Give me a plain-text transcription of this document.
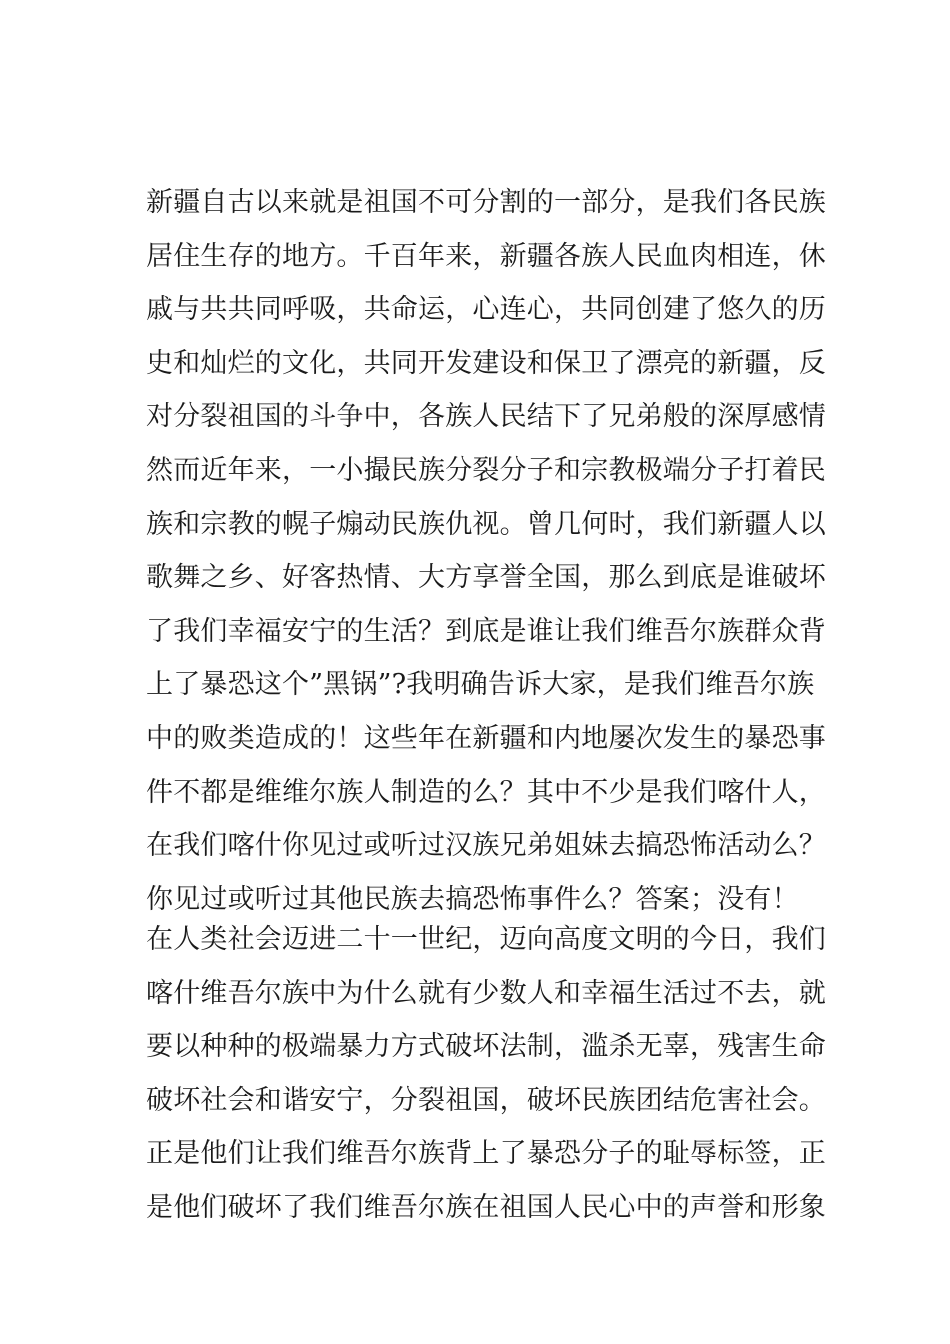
新疆自古以来就是祖国不可分割的一部分，是我们各民族
居住生存的地方。千百年来，新疆各族人民血肉相连，休
戚与共共同呼吸，共命运，心连心，共同创建了悠久的历
史和灿烂的文化，共同开发建设和保卫了漂亮的新疆，反
对分裂祖国的斗争中，各族人民结下了兄弟般的深厚感情
然而近年来，一小撮民族分裂分子和宗教极端分子打着民
族和宗教的幌子煽动民族仇视。曾几何时，我们新疆人以
歌舞之乡、好客热情、大方享誉全国，那么到底是谁破坏
了我们幸福安宁的生活？到底是谁让我们维吾尔族群众背
上了暴恐这个”黑锅”?我明确告诉大家，是我们维吾尔族
中的败类造成的！这些年在新疆和内地屡次发生的暴恐事
件不都是维维尔族人制造的么？其中不少是我们喀什人，
在我们喀什你见过或听过汉族兄弟姐妹去搞恐怖活动么？
你见过或听过其他民族去搞恐怖事件么？答案；没有！
在人类社会迈进二十一世纪，迈向高度文明的今日，我们
喀什维吾尔族中为什么就有少数人和幸福生活过不去，就
要以种种的极端暴力方式破坏法制，滥杀无辜，残害生命
破坏社会和谐安宁，分裂祖国，破坏民族团结危害社会。
正是他们让我们维吾尔族背上了暴恐分子的耻辱标签，正
是他们破坏了我们维吾尔族在祖国人民心中的声誉和形象
